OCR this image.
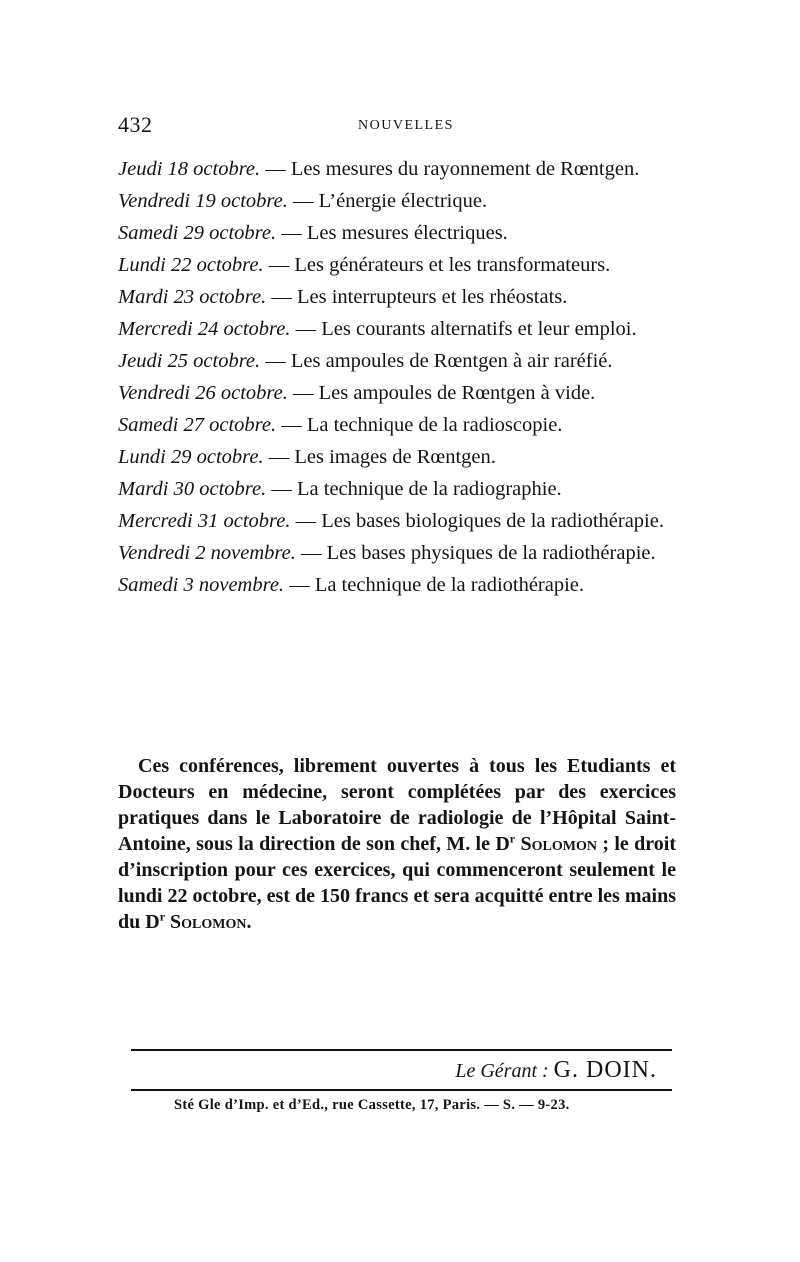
432	NOUVELLES

Jeudi 18 octobre. — Les mesures du rayonnement de Rœntgen.

Vendredi 19 octobre. — L’énergie électrique.

Samedi 29 octobre. — Les mesures électriques.

Lundi 22 octobre. — Les générateurs et les transformateurs.

Mardi 23 octobre. — Les interrupteurs et les rhéostats.

Mercredi 24 octobre. — Les courants alternatifs et leur emploi.

Jeudi 25 octobre. — Les ampoules de Rœntgen à air raréfié.

Vendredi 26 octobre. — Les ampoules de Rœntgen à vide.

Samedi 27 octobre. — La technique de la radioscopie.

Lundi 29 octobre. — Les images de Rœntgen.

Mardi 30 octobre. — La technique de la radiographie.

Mercredi 31 octobre. — Les bases biologiques de la radiothérapie.

Vendredi 2 novembre. — Les bases physiques de la radiothérapie.

Samedi 3 novembre. — La technique de la radiothérapie.

Ces conférences, librement ouvertes à tous les Etudiants et Docteurs en médecine, seront complétées par des exercices pratiques dans le Laboratoire de radiologie de l’Hôpital Saint-Antoine, sous la direction de son chef, M. le $D^r$ Solomon ; le droit d’inscription pour ces exercices, qui commenceront seulement le lundi 22 octobre, est de 150 francs et sera acquitté entre les mains du $D^r$ Solomon.

Le Gérant : G. DOIN.
Sté Gle d’Imp. et d’Ed., rue Cassette, 17, Paris. — S. — 9-23.
